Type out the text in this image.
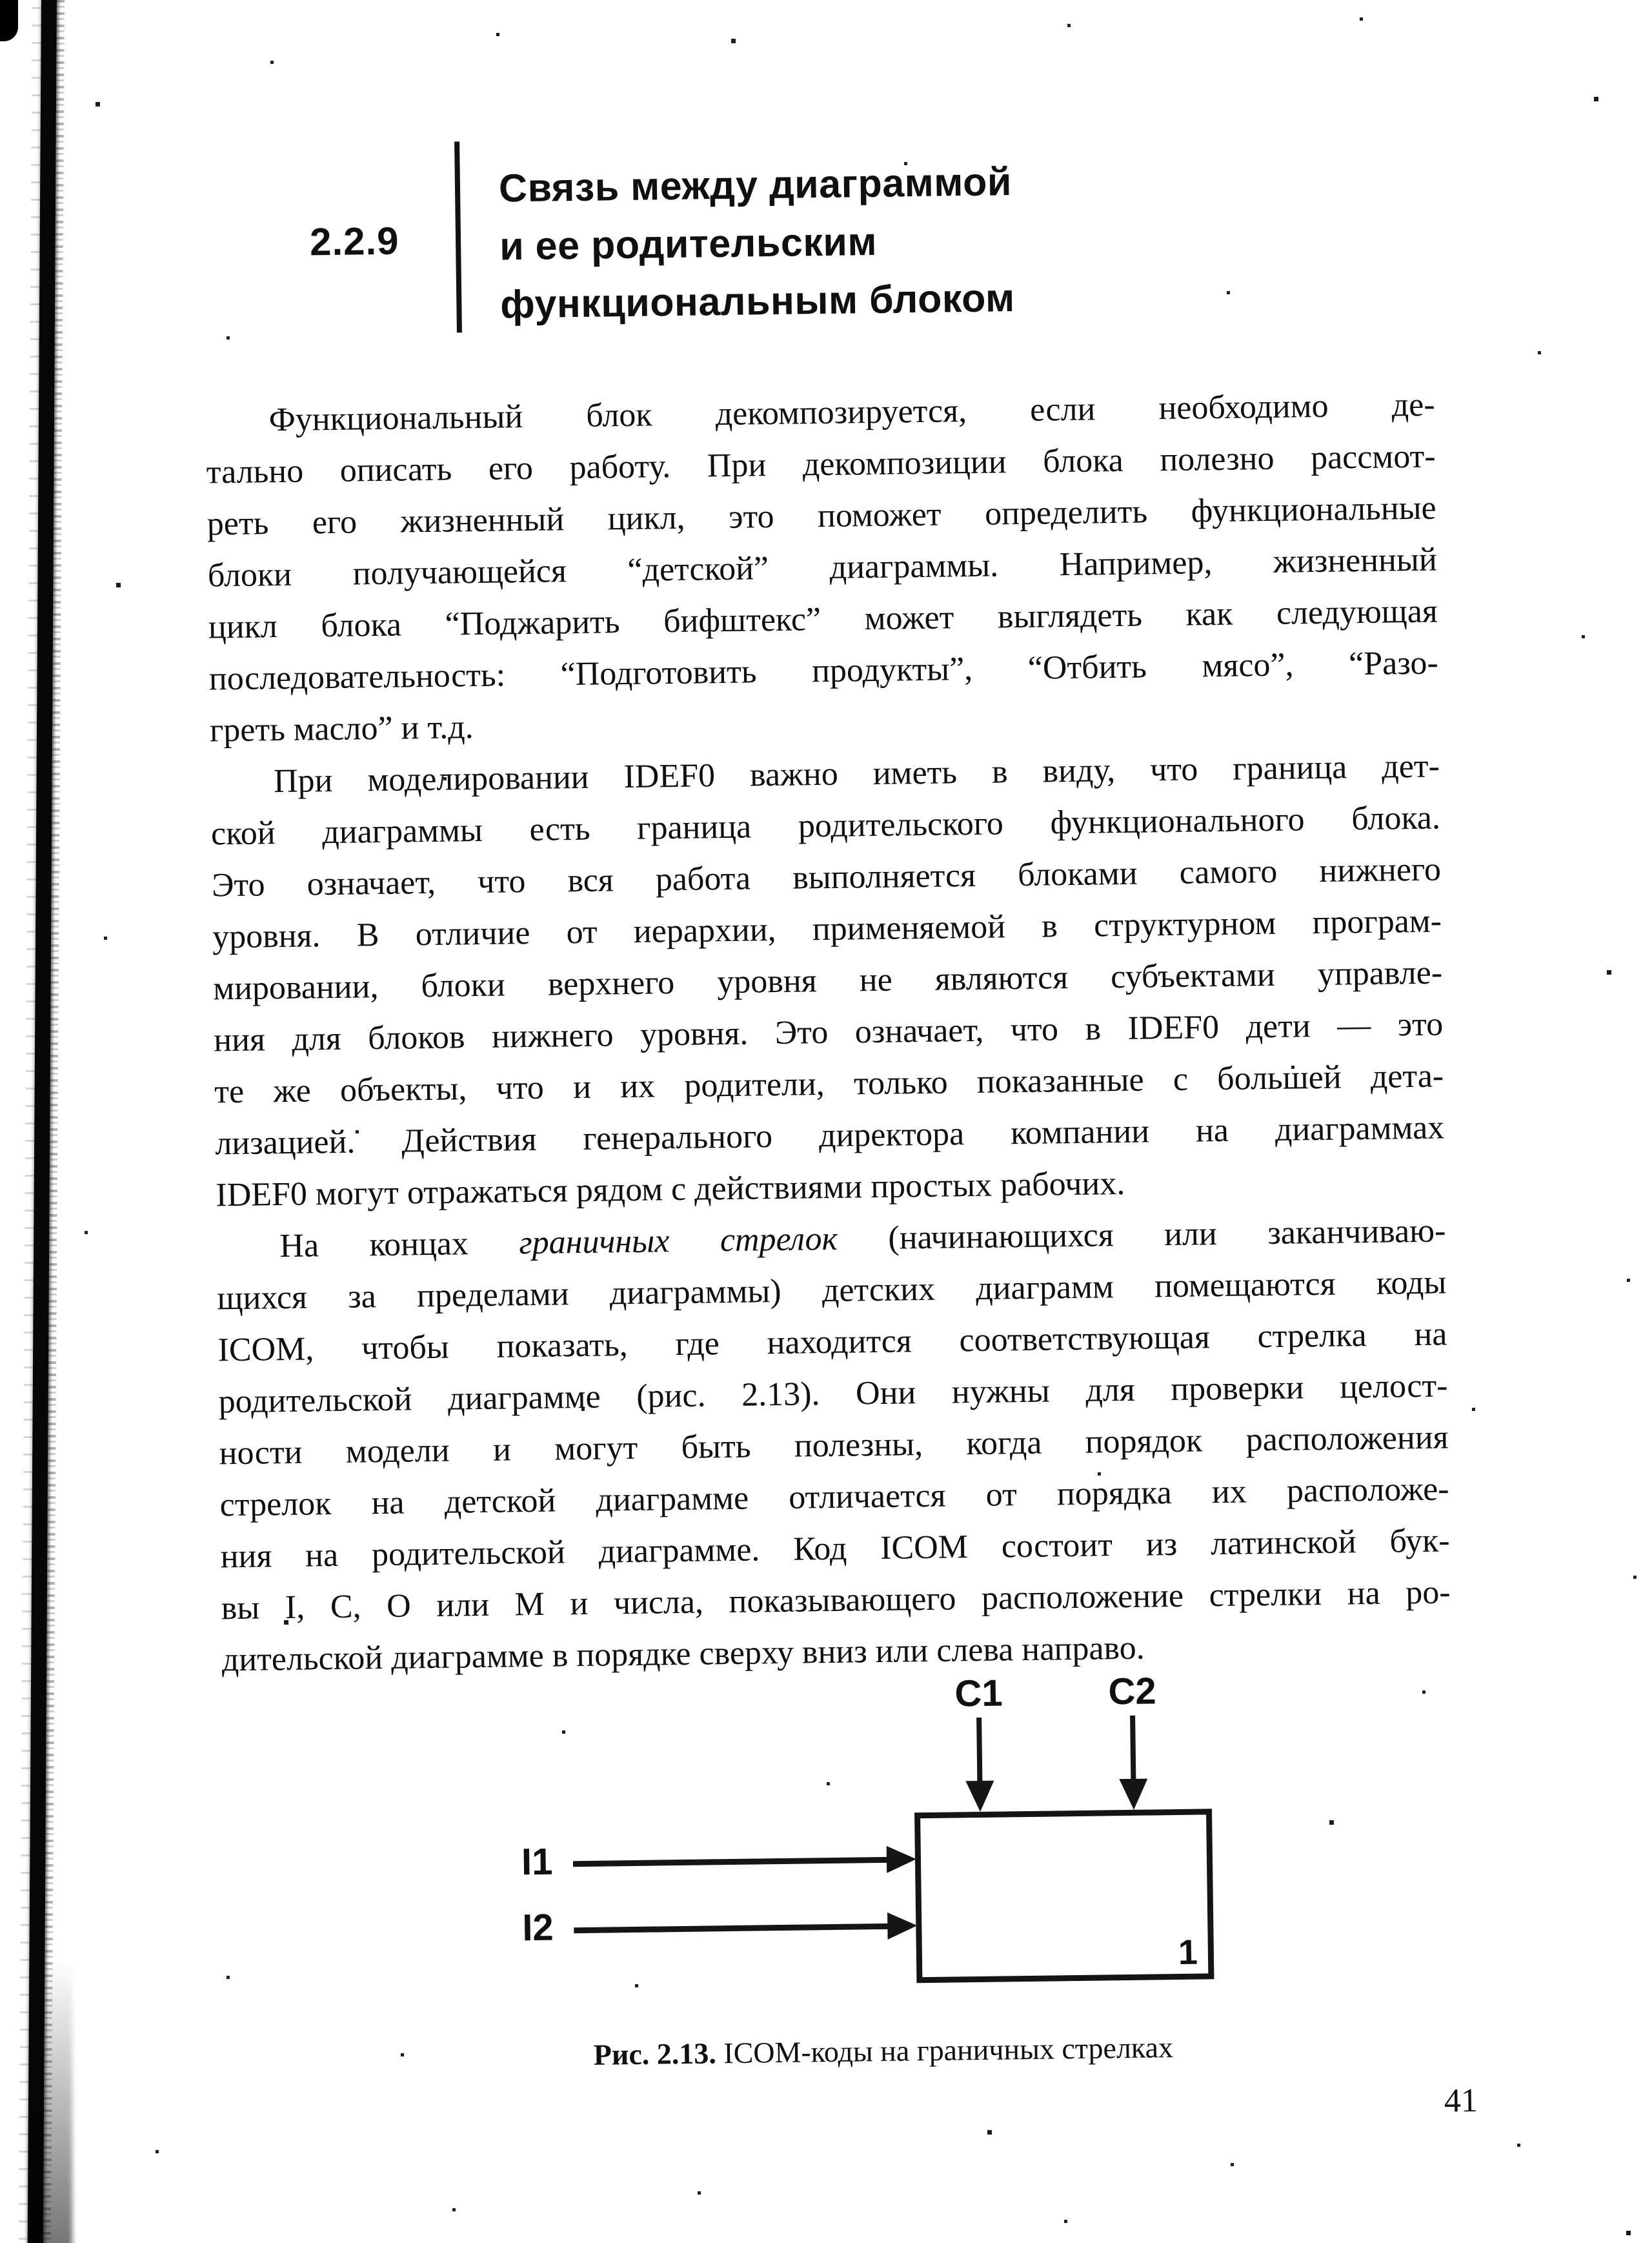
2.2.9
Связь между диаграммой
и ее родительским
функциональным блоком
Функциональный блок декомпозируется, если необходимо де-
тально описать его работу. При декомпозиции блока полезно рассмот-
реть его жизненный цикл, это поможет определить функциональные
блоки получающейся “детской” диаграммы. Например, жизненный
цикл блока “Поджарить бифштекс” может выглядеть как следующая
последовательность: “Подготовить продукты”, “Отбить мясо”, “Разо-
греть масло” и т.д.
При моделировании IDEF0 важно иметь в виду, что граница дет-
ской диаграммы есть граница родительского функционального блока.
Это означает, что вся работа выполняется блоками самого нижнего
уровня. В отличие от иерархии, применяемой в структурном програм-
мировании, блоки верхнего уровня не являются субъектами управле-
ния для блоков нижнего уровня. Это означает, что в IDEF0 дети — это
те же объекты, что и их родители, только показанные с большей дета-
лизацией. Действия генерального директора компании на диаграммах
IDEF0 могут отражаться рядом с действиями простых рабочих.
На концах граничных стрелок (начинающихся или заканчиваю-
щихся за пределами диаграммы) детских диаграмм помещаются коды
ICOM, чтобы показать, где находится соответствующая стрелка на
родительской диаграмме (рис. 2.13). Они нужны для проверки целост-
ности модели и могут быть полезны, когда порядок расположения
стрелок на детской диаграмме отличается от порядка их расположе-
ния на родительской диаграмме. Код ICOM состоит из латинской бук-
вы I, C, O или M и числа, показывающего расположение стрелки на ро-
дительской диаграмме в порядке сверху вниз или слева направо.
C1	C2
I1
I2
1
Рис. 2.13. ICOM-коды на граничных стрелках
41
